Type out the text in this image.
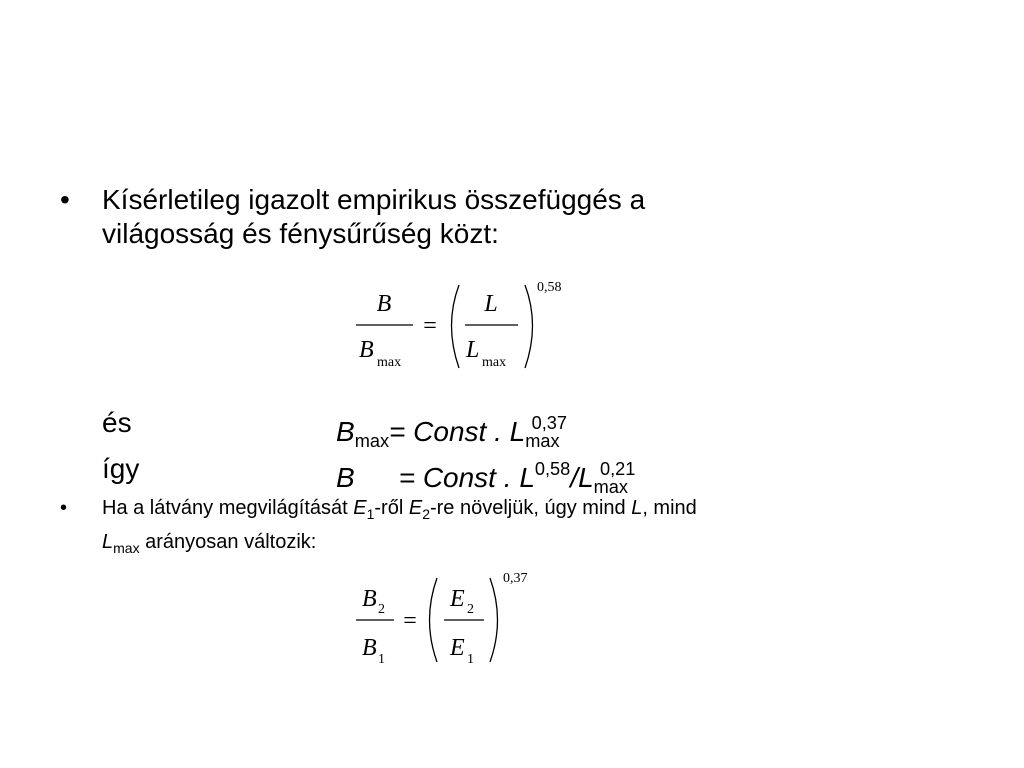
• Kísérletileg igazolt empirikus összefüggés a
világosság és fénysűrűség közt:
B
B max
=
L
L max
0,58
és	$B_{max}=$ Const . $L_{max}^{0,37}$
így	B = Const . $L^{0,58}/L_{max}^{0,21}$
• Ha a látvány megvilágítását $E_1$-ről $E_2-re$ növeljük, úgy mind L, mind
$L_{max}$ arányosan változik:
B 2
B 1
=
E 2
E 1
0,37
